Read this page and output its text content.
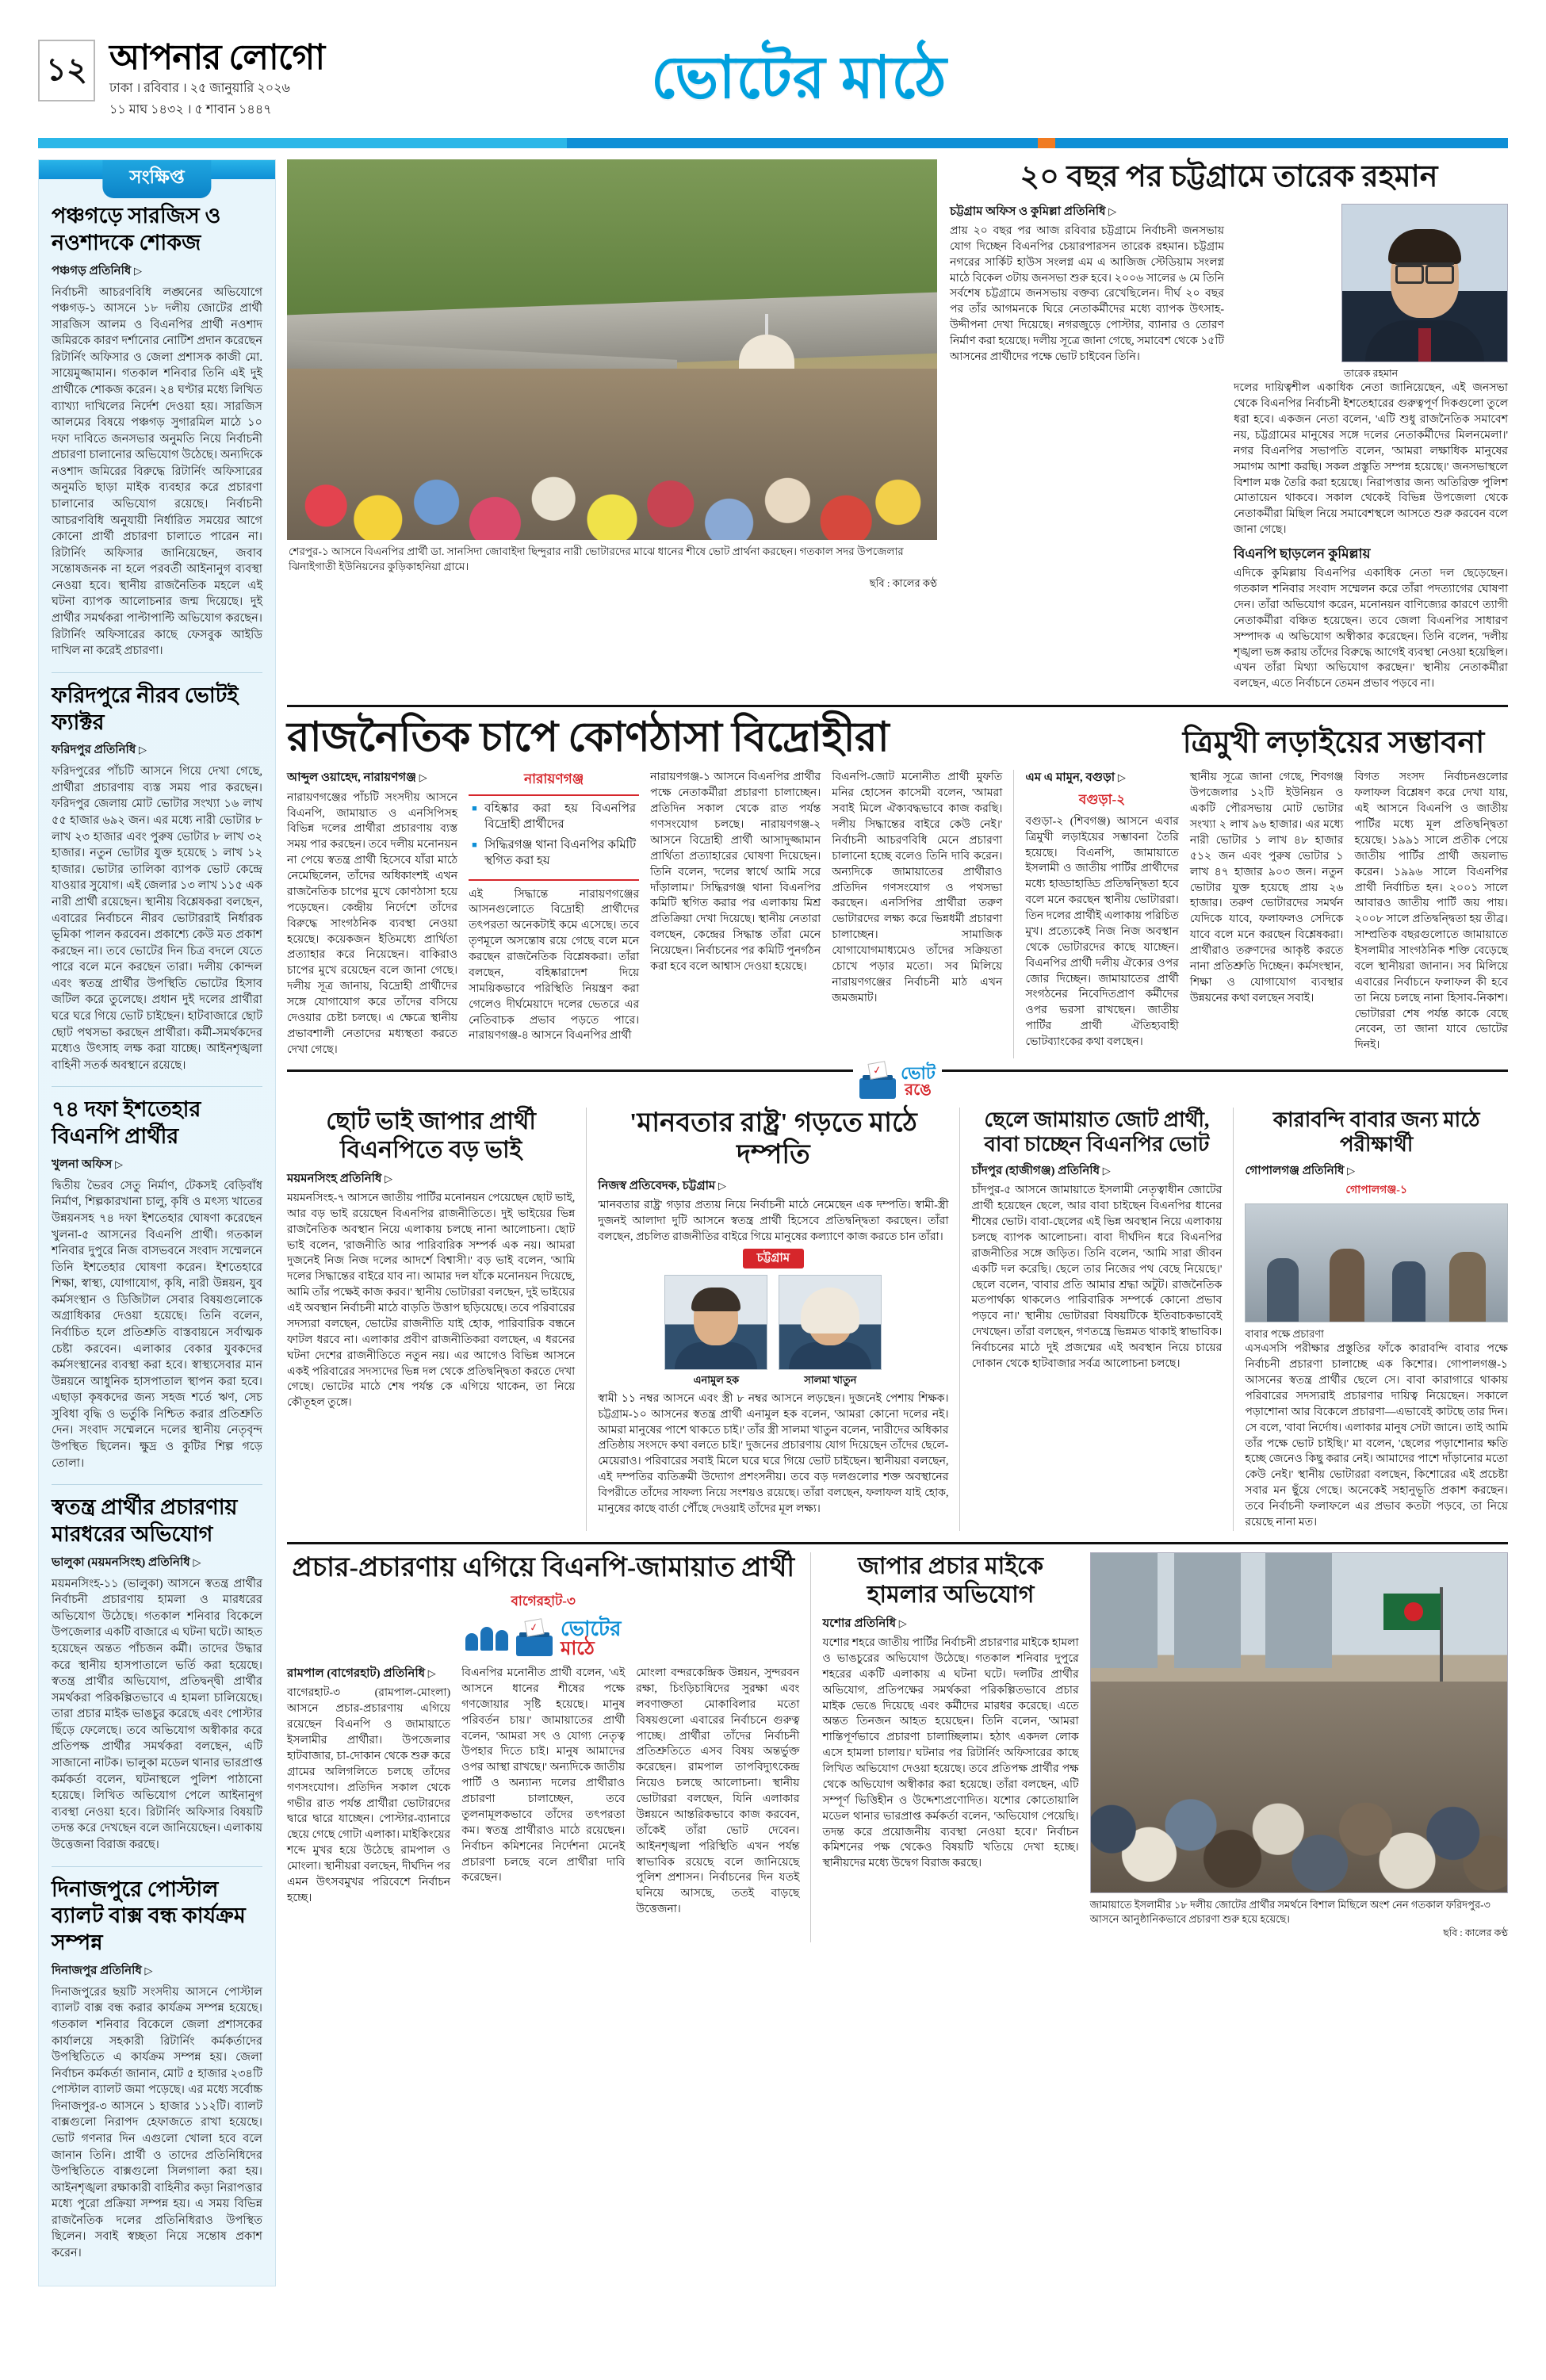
১২ আপনার লোগো
ঢাকা । রবিবার । ২৫ জানুয়ারি ২০২৬
১১ মাঘ ১৪৩২ । ৫ শাবান ১৪৪৭	ভোটের মাঠে
সংক্ষিপ্ত
পঞ্চগড়ে সারজিস ও নওশাদকে শোকজ
পঞ্চগড় প্রতিনিধি ▷
নির্বাচনী আচরণবিধি লঙ্ঘনের অভিযোগে পঞ্চগড়-১ আসনে ১৮ দলীয় জোটের প্রার্থী সারজিস আলম ও বিএনপির প্রার্থী নওশাদ জমিরকে কারণ দর্শানোর নোটিশ প্রদান করেছেন রিটার্নিং অফিসার ও জেলা প্রশাসক কাজী মো. সায়েমুজ্জামান। গতকাল শনিবার তিনি এই দুই প্রার্থীকে শোকজ করেন। ২৪ ঘণ্টার মধ্যে লিখিত ব্যাখ্যা দাখিলের নির্দেশ দেওয়া হয়। সারজিস আলমের বিষয়ে পঞ্চগড় সুগারমিল মাঠে ১০ দফা দাবিতে জনসভার অনুমতি নিয়ে নির্বাচনী প্রচারণা চালানোর অভিযোগ উঠেছে। অন্যদিকে নওশাদ জমিরের বিরুদ্ধে রিটার্নিং অফিসারের অনুমতি ছাড়া মাইক ব্যবহার করে প্রচারণা চালানোর অভিযোগ রয়েছে। নির্বাচনী আচরণবিধি অনুযায়ী নির্ধারিত সময়ের আগে কোনো প্রার্থী প্রচারণা চালাতে পারেন না। রিটার্নিং অফিসার জানিয়েছেন, জবাব সন্তোষজনক না হলে পরবর্তী আইনানুগ ব্যবস্থা নেওয়া হবে। স্থানীয় রাজনৈতিক মহলে এই ঘটনা ব্যাপক আলোচনার জন্ম দিয়েছে। দুই প্রার্থীর সমর্থকরা পাল্টাপাল্টি অভিযোগ করছেন। রিটার্নিং অফিসারের কাছে ফেসবুক আইডি দাখিল না করেই প্রচারণা।
ফরিদপুরে নীরব ভোটই ফ্যাক্টর
ফরিদপুর প্রতিনিধি ▷
ফরিদপুরের পাঁচটি আসনে গিয়ে দেখা গেছে, প্রার্থীরা প্রচারণায় ব্যস্ত সময় পার করছেন। ফরিদপুর জেলায় মোট ভোটার সংখ্যা ১৬ লাখ ৫৫ হাজার ৬৯২ জন। এর মধ্যে নারী ভোটার ৮ লাখ ২৩ হাজার এবং পুরুষ ভোটার ৮ লাখ ৩২ হাজার। নতুন ভোটার যুক্ত হয়েছে ১ লাখ ১২ হাজার। ভোটার তালিকা ব্যাপক ভোট কেন্দ্রে যাওয়ার সুযোগ। এই জেলার ১৩ লাখ ১১৫ এক নারী প্রার্থী রয়েছেন। স্থানীয় বিশ্লেষকরা বলছেন, এবারের নির্বাচনে নীরব ভোটাররাই নির্ধারক ভূমিকা পালন করবেন। প্রকাশ্যে কেউ মত প্রকাশ করছেন না। তবে ভোটের দিন চিত্র বদলে যেতে পারে বলে মনে করছেন তারা। দলীয় কোন্দল এবং স্বতন্ত্র প্রার্থীর উপস্থিতি ভোটের হিসাব জটিল করে তুলেছে। প্রধান দুই দলের প্রার্থীরা ঘরে ঘরে গিয়ে ভোট চাইছেন। হাটবাজারে ছোট ছোট পথসভা করছেন প্রার্থীরা। কর্মী-সমর্থকদের মধ্যেও উৎসাহ লক্ষ করা যাচ্ছে। আইনশৃঙ্খলা বাহিনী সতর্ক অবস্থানে রয়েছে।
৭৪ দফা ইশতেহার বিএনপি প্রার্থীর
খুলনা অফিস ▷
দ্বিতীয় ভৈরব সেতু নির্মাণ, টেকসই বেড়িবাঁধ নির্মাণ, শিল্পকারখানা চালু, কৃষি ও মৎস্য খাতের উন্নয়নসহ ৭৪ দফা ইশতেহার ঘোষণা করেছেন খুলনা-৫ আসনের বিএনপি প্রার্থী। গতকাল শনিবার দুপুরে নিজ বাসভবনে সংবাদ সম্মেলনে তিনি ইশতেহার ঘোষণা করেন। ইশতেহারে শিক্ষা, স্বাস্থ্য, যোগাযোগ, কৃষি, নারী উন্নয়ন, যুব কর্মসংস্থান ও ডিজিটাল সেবার বিষয়গুলোকে অগ্রাধিকার দেওয়া হয়েছে। তিনি বলেন, নির্বাচিত হলে প্রতিশ্রুতি বাস্তবায়নে সর্বাত্মক চেষ্টা করবেন। এলাকার বেকার যুবকদের কর্মসংস্থানের ব্যবস্থা করা হবে। স্বাস্থ্যসেবার মান উন্নয়নে আধুনিক হাসপাতাল স্থাপন করা হবে। এছাড়া কৃষকদের জন্য সহজ শর্তে ঋণ, সেচ সুবিধা বৃদ্ধি ও ভর্তুকি নিশ্চিত করার প্রতিশ্রুতি দেন। সংবাদ সম্মেলনে দলের স্থানীয় নেতৃবৃন্দ উপস্থিত ছিলেন। ক্ষুদ্র ও কুটির শিল্প গড়ে তোলা।
স্বতন্ত্র প্রার্থীর প্রচারণায় মারধরের অভিযোগ
ভালুকা (ময়মনসিংহ) প্রতিনিধি ▷
ময়মনসিংহ-১১ (ভালুকা) আসনে স্বতন্ত্র প্রার্থীর নির্বাচনী প্রচারণায় হামলা ও মারধরের অভিযোগ উঠেছে। গতকাল শনিবার বিকেলে উপজেলার একটি বাজারে এ ঘটনা ঘটে। আহত হয়েছেন অন্তত পাঁচজন কর্মী। তাদের উদ্ধার করে স্থানীয় হাসপাতালে ভর্তি করা হয়েছে। স্বতন্ত্র প্রার্থীর অভিযোগ, প্রতিদ্বন্দ্বী প্রার্থীর সমর্থকরা পরিকল্পিতভাবে এ হামলা চালিয়েছে। তারা প্রচার মাইক ভাঙচুর করেছে এবং পোস্টার ছিঁড়ে ফেলেছে। তবে অভিযোগ অস্বীকার করে প্রতিপক্ষ প্রার্থীর সমর্থকরা বলছেন, এটি সাজানো নাটক। ভালুকা মডেল থানার ভারপ্রাপ্ত কর্মকর্তা বলেন, ঘটনাস্থলে পুলিশ পাঠানো হয়েছে। লিখিত অভিযোগ পেলে আইনানুগ ব্যবস্থা নেওয়া হবে। রিটার্নিং অফিসার বিষয়টি তদন্ত করে দেখছেন বলে জানিয়েছেন। এলাকায় উত্তেজনা বিরাজ করছে।
দিনাজপুরে পোস্টাল ব্যালট বাক্স বন্ধ কার্যক্রম সম্পন্ন
দিনাজপুর প্রতিনিধি ▷
দিনাজপুরের ছয়টি সংসদীয় আসনে পোস্টাল ব্যালট বাক্স বন্ধ করার কার্যক্রম সম্পন্ন হয়েছে। গতকাল শনিবার বিকেলে জেলা প্রশাসকের কার্যালয়ে সহকারী রিটার্নিং কর্মকর্তাদের উপস্থিতিতে এ কার্যক্রম সম্পন্ন হয়। জেলা নির্বাচন কর্মকর্তা জানান, মোট ৫ হাজার ২৩৪টি পোস্টাল ব্যালট জমা পড়েছে। এর মধ্যে সর্বোচ্চ দিনাজপুর-৩ আসনে ১ হাজার ১১২টি। ব্যালট বাক্সগুলো নিরাপদ হেফাজতে রাখা হয়েছে। ভোট গণনার দিন এগুলো খোলা হবে বলে জানান তিনি। প্রার্থী ও তাদের প্রতিনিধিদের উপস্থিতিতে বাক্সগুলো সিলগালা করা হয়। আইনশৃঙ্খলা রক্ষাকারী বাহিনীর কড়া নিরাপত্তার মধ্যে পুরো প্রক্রিয়া সম্পন্ন হয়। এ সময় বিভিন্ন রাজনৈতিক দলের প্রতিনিধিরাও উপস্থিত ছিলেন। সবাই স্বচ্ছতা নিয়ে সন্তোষ প্রকাশ করেন।
শেরপুর-১ আসনে বিএনপির প্রার্থী ডা. সানসিদা জোবাইদা ছিন্দুরার নারী ভোটারদের মাঝে ধানের শীষে ভোট প্রার্থনা করছেন। গতকাল সদর উপজেলার ঝিনাইগাতী ইউনিয়নের কুড়িকাহনিয়া গ্রামে।
ছবি : কালের কণ্ঠ
২০ বছর পর চট্টগ্রামে তারেক রহমান
চট্টগ্রাম অফিস ও কুমিল্লা প্রতিনিধি ▷
প্রায় ২০ বছর পর আজ রবিবার চট্টগ্রামে নির্বাচনী জনসভায় যোগ দিচ্ছেন বিএনপির চেয়ারপারসন তারেক রহমান। চট্টগ্রাম নগরের সার্কিট হাউস সংলগ্ন এম এ আজিজ স্টেডিয়াম সংলগ্ন মাঠে বিকেল ৩টায় জনসভা শুরু হবে। ২০০৬ সালের ৬ মে তিনি সর্বশেষ চট্টগ্রামে জনসভায় বক্তব্য রেখেছিলেন। দীর্ঘ ২০ বছর পর তাঁর আগমনকে ঘিরে নেতাকর্মীদের মধ্যে ব্যাপক উৎসাহ-উদ্দীপনা দেখা দিয়েছে। নগরজুড়ে পোস্টার, ব্যানার ও তোরণ নির্মাণ করা হয়েছে। দলীয় সূত্রে জানা গেছে, সমাবেশ থেকে ১৫টি আসনের প্রার্থীদের পক্ষে ভোট চাইবেন তিনি।
তারেক রহমান
দলের দায়িত্বশীল একাধিক নেতা জানিয়েছেন, এই জনসভা থেকে বিএনপির নির্বাচনী ইশতেহারের গুরুত্বপূর্ণ দিকগুলো তুলে ধরা হবে। একজন নেতা বলেন, 'এটি শুধু রাজনৈতিক সমাবেশ নয়, চট্টগ্রামের মানুষের সঙ্গে দলের নেতাকর্মীদের মিলনমেলা।' নগর বিএনপির সভাপতি বলেন, 'আমরা লক্ষাধিক মানুষের সমাগম আশা করছি। সকল প্রস্তুতি সম্পন্ন হয়েছে।' জনসভাস্থলে বিশাল মঞ্চ তৈরি করা হয়েছে। নিরাপত্তার জন্য অতিরিক্ত পুলিশ মোতায়েন থাকবে। সকাল থেকেই বিভিন্ন উপজেলা থেকে নেতাকর্মীরা মিছিল নিয়ে সমাবেশস্থলে আসতে শুরু করবেন বলে জানা গেছে।
বিএনপি ছাড়লেন কুমিল্লায়
এদিকে কুমিল্লায় বিএনপির একাধিক নেতা দল ছেড়েছেন। গতকাল শনিবার সংবাদ সম্মেলন করে তাঁরা পদত্যাগের ঘোষণা দেন। তাঁরা অভিযোগ করেন, মনোনয়ন বাণিজ্যের কারণে ত্যাগী নেতাকর্মীরা বঞ্চিত হয়েছেন। তবে জেলা বিএনপির সাধারণ সম্পাদক এ অভিযোগ অস্বীকার করেছেন। তিনি বলেন, 'দলীয় শৃঙ্খলা ভঙ্গ করায় তাঁদের বিরুদ্ধে আগেই ব্যবস্থা নেওয়া হয়েছিল। এখন তাঁরা মিথ্যা অভিযোগ করছেন।' স্থানীয় নেতাকর্মীরা বলছেন, এতে নির্বাচনে তেমন প্রভাব পড়বে না।
রাজনৈতিক চাপে কোণঠাসা বিদ্রোহীরা	ত্রিমুখী লড়াইয়ের সম্ভাবনা
আব্দুল ওয়াহেদ, নারায়ণগঞ্জ ▷
নারায়ণগঞ্জের পাঁচটি সংসদীয় আসনে বিএনপি, জামায়াত ও এনসিপিসহ বিভিন্ন দলের প্রার্থীরা প্রচারণায় ব্যস্ত সময় পার করছেন। তবে দলীয় মনোনয়ন না পেয়ে স্বতন্ত্র প্রার্থী হিসেবে যাঁরা মাঠে নেমেছিলেন, তাঁদের অধিকাংশই এখন রাজনৈতিক চাপের মুখে কোণঠাসা হয়ে পড়েছেন। কেন্দ্রীয় নির্দেশে তাঁদের বিরুদ্ধে সাংগঠনিক ব্যবস্থা নেওয়া হয়েছে। কয়েকজন ইতিমধ্যে প্রার্থিতা প্রত্যাহার করে নিয়েছেন। বাকিরাও চাপের মুখে রয়েছেন বলে জানা গেছে। দলীয় সূত্র জানায়, বিদ্রোহী প্রার্থীদের সঙ্গে যোগাযোগ করে তাঁদের বসিয়ে দেওয়ার চেষ্টা চলছে। এ ক্ষেত্রে স্থানীয় প্রভাবশালী নেতাদের মধ্যস্থতা করতে দেখা গেছে।
নারায়ণগঞ্জ
■ বহিষ্কার করা হয় বিএনপির বিদ্রোহী প্রার্থীদের
■ সিদ্ধিরগঞ্জ থানা বিএনপির কমিটি স্থগিত করা হয়
এই সিদ্ধান্তে নারায়ণগঞ্জের আসনগুলোতে বিদ্রোহী প্রার্থীদের তৎপরতা অনেকটাই কমে এসেছে। তবে তৃণমূলে অসন্তোষ রয়ে গেছে বলে মনে করছেন রাজনৈতিক বিশ্লেষকরা। তাঁরা বলছেন, বহিষ্কারাদেশ দিয়ে সাময়িকভাবে পরিস্থিতি নিয়ন্ত্রণ করা গেলেও দীর্ঘমেয়াদে দলের ভেতরে এর নেতিবাচক প্রভাব পড়তে পারে। নারায়ণগঞ্জ-৪ আসনে বিএনপির প্রার্থী
নারায়ণগঞ্জ-১ আসনে বিএনপির প্রার্থীর পক্ষে নেতাকর্মীরা প্রচারণা চালাচ্ছেন। প্রতিদিন সকাল থেকে রাত পর্যন্ত গণসংযোগ চলছে। নারায়ণগঞ্জ-২ আসনে বিদ্রোহী প্রার্থী আসাদুজ্জামান প্রার্থিতা প্রত্যাহারের ঘোষণা দিয়েছেন। তিনি বলেন, 'দলের স্বার্থে আমি সরে দাঁড়ালাম।' সিদ্ধিরগঞ্জ থানা বিএনপির কমিটি স্থগিত করার পর এলাকায় মিশ্র প্রতিক্রিয়া দেখা দিয়েছে। স্থানীয় নেতারা বলছেন, কেন্দ্রের সিদ্ধান্ত তাঁরা মেনে নিয়েছেন। নির্বাচনের পর কমিটি পুনর্গঠন করা হবে বলে আশ্বাস দেওয়া হয়েছে।
বিএনপি-জোট মনোনীত প্রার্থী মুফতি মনির হোসেন কাসেমী বলেন, 'আমরা সবাই মিলে ঐক্যবদ্ধভাবে কাজ করছি। দলীয় সিদ্ধান্তের বাইরে কেউ নেই।' নির্বাচনী আচরণবিধি মেনে প্রচারণা চালানো হচ্ছে বলেও তিনি দাবি করেন। অন্যদিকে জামায়াতের প্রার্থীরাও প্রতিদিন গণসংযোগ ও পথসভা করছেন। এনসিপির প্রার্থীরা তরুণ ভোটারদের লক্ষ্য করে ভিন্নধর্মী প্রচারণা চালাচ্ছেন। সামাজিক যোগাযোগমাধ্যমেও তাঁদের সক্রিয়তা চোখে পড়ার মতো। সব মিলিয়ে নারায়ণগঞ্জের নির্বাচনী মাঠ এখন জমজমাট।
এম এ মামুন, বগুড়া ▷
বগুড়া-২
বগুড়া-২ (শিবগঞ্জ) আসনে এবার ত্রিমুখী লড়াইয়ের সম্ভাবনা তৈরি হয়েছে। বিএনপি, জামায়াতে ইসলামী ও জাতীয় পার্টির প্রার্থীদের মধ্যে হাড্ডাহাড্ডি প্রতিদ্বন্দ্বিতা হবে বলে মনে করছেন স্থানীয় ভোটাররা। তিন দলের প্রার্থীই এলাকায় পরিচিত মুখ। প্রত্যেকেই নিজ নিজ অবস্থান থেকে ভোটারদের কাছে যাচ্ছেন। বিএনপির প্রার্থী দলীয় ঐক্যের ওপর জোর দিচ্ছেন। জামায়াতের প্রার্থী সংগঠনের নিবেদিতপ্রাণ কর্মীদের ওপর ভরসা রাখছেন। জাতীয় পার্টির প্রার্থী ঐতিহ্যবাহী ভোটব্যাংকের কথা বলছেন।
স্থানীয় সূত্রে জানা গেছে, শিবগঞ্জ উপজেলার ১২টি ইউনিয়ন ও একটি পৌরসভায় মোট ভোটার সংখ্যা ২ লাখ ৯৬ হাজার। এর মধ্যে নারী ভোটার ১ লাখ ৪৮ হাজার ৫১২ জন এবং পুরুষ ভোটার ১ লাখ ৪৭ হাজার ৯০৩ জন। নতুন ভোটার যুক্ত হয়েছে প্রায় ২৬ হাজার। তরুণ ভোটারদের সমর্থন যেদিকে যাবে, ফলাফলও সেদিকে যাবে বলে মনে করছেন বিশ্লেষকরা। প্রার্থীরাও তরুণদের আকৃষ্ট করতে নানা প্রতিশ্রুতি দিচ্ছেন। কর্মসংস্থান, শিক্ষা ও যোগাযোগ ব্যবস্থার উন্নয়নের কথা বলছেন সবাই।
বিগত সংসদ নির্বাচনগুলোর ফলাফল বিশ্লেষণ করে দেখা যায়, এই আসনে বিএনপি ও জাতীয় পার্টির মধ্যে মূল প্রতিদ্বন্দ্বিতা হয়েছে। ১৯৯১ সালে প্রতীক পেয়ে জাতীয় পার্টির প্রার্থী জয়লাভ করেন। ১৯৯৬ সালে বিএনপির প্রার্থী নির্বাচিত হন। ২০০১ সালে আবারও জাতীয় পার্টি জয় পায়। ২০০৮ সালে প্রতিদ্বন্দ্বিতা হয় তীব্র। সাম্প্রতিক বছরগুলোতে জামায়াতে ইসলামীর সাংগঠনিক শক্তি বেড়েছে বলে স্থানীয়রা জানান। সব মিলিয়ে এবারের নির্বাচনে ফলাফল কী হবে তা নিয়ে চলছে নানা হিসাব-নিকাশ। ভোটাররা শেষ পর্যন্ত কাকে বেছে নেবেন, তা জানা যাবে ভোটের দিনই।
✓
ভোট
রঙে
ছোট ভাই জাপার প্রার্থী বিএনপিতে বড় ভাই
ময়মনসিংহ প্রতিনিধি ▷
ময়মনসিংহ-৭ আসনে জাতীয় পার্টির মনোনয়ন পেয়েছেন ছোট ভাই, আর বড় ভাই রয়েছেন বিএনপির রাজনীতিতে। দুই ভাইয়ের ভিন্ন রাজনৈতিক অবস্থান নিয়ে এলাকায় চলছে নানা আলোচনা। ছোট ভাই বলেন, 'রাজনীতি আর পারিবারিক সম্পর্ক এক নয়। আমরা দুজনেই নিজ নিজ দলের আদর্শে বিশ্বাসী।' বড় ভাই বলেন, 'আমি দলের সিদ্ধান্তের বাইরে যাব না। আমার দল যাঁকে মনোনয়ন দিয়েছে, আমি তাঁর পক্ষেই কাজ করব।' স্থানীয় ভোটাররা বলছেন, দুই ভাইয়ের এই অবস্থান নির্বাচনী মাঠে বাড়তি উত্তাপ ছড়িয়েছে। তবে পরিবারের সদস্যরা বলছেন, ভোটের রাজনীতি যাই হোক, পারিবারিক বন্ধনে ফাটল ধরবে না। এলাকার প্রবীণ রাজনীতিকরা বলছেন, এ ধরনের ঘটনা দেশের রাজনীতিতে নতুন নয়। এর আগেও বিভিন্ন আসনে একই পরিবারের সদস্যদের ভিন্ন দল থেকে প্রতিদ্বন্দ্বিতা করতে দেখা গেছে। ভোটের মাঠে শেষ পর্যন্ত কে এগিয়ে থাকেন, তা নিয়ে কৌতূহল তুঙ্গে।
'মানবতার রাষ্ট্র' গড়তে মাঠে দম্পতি
নিজস্ব প্রতিবেদক, চট্টগ্রাম ▷
'মানবতার রাষ্ট্র' গড়ার প্রত্যয় নিয়ে নির্বাচনী মাঠে নেমেছেন এক দম্পতি। স্বামী-স্ত্রী দুজনই আলাদা দুটি আসনে স্বতন্ত্র প্রার্থী হিসেবে প্রতিদ্বন্দ্বিতা করছেন। তাঁরা বলছেন, প্রচলিত রাজনীতির বাইরে গিয়ে মানুষের কল্যাণে কাজ করতে চান তাঁরা।
চট্টগ্রাম
এনামুল হক	সালমা খাতুন
স্বামী ১১ নম্বর আসনে এবং স্ত্রী ৮ নম্বর আসনে লড়ছেন। দুজনেই পেশায় শিক্ষক। চট্টগ্রাম-১০ আসনের স্বতন্ত্র প্রার্থী এনামুল হক বলেন, 'আমরা কোনো দলের নই। আমরা মানুষের পাশে থাকতে চাই।' তাঁর স্ত্রী সালমা খাতুন বলেন, 'নারীদের অধিকার প্রতিষ্ঠায় সংসদে কথা বলতে চাই।' দুজনের প্রচারণায় যোগ দিয়েছেন তাঁদের ছেলে-মেয়েরাও। পরিবারের সবাই মিলে ঘরে ঘরে গিয়ে ভোট চাইছেন। স্থানীয়রা বলছেন, এই দম্পতির ব্যতিক্রমী উদ্যোগ প্রশংসনীয়। তবে বড় দলগুলোর শক্ত অবস্থানের বিপরীতে তাঁদের সাফল্য নিয়ে সংশয়ও রয়েছে। তাঁরা বলছেন, ফলাফল যাই হোক, মানুষের কাছে বার্তা পৌঁছে দেওয়াই তাঁদের মূল লক্ষ্য।
ছেলে জামায়াত জোট প্রার্থী, বাবা চাচ্ছেন বিএনপির ভোট
চাঁদপুর (হাজীগঞ্জ) প্রতিনিধি ▷
চাঁদপুর-৫ আসনে জামায়াতে ইসলামী নেতৃত্বাধীন জোটের প্রার্থী হয়েছেন ছেলে, আর বাবা চাইছেন বিএনপির ধানের শীষের ভোট। বাবা-ছেলের এই ভিন্ন অবস্থান নিয়ে এলাকায় চলছে ব্যাপক আলোচনা। বাবা দীর্ঘদিন ধরে বিএনপির রাজনীতির সঙ্গে জড়িত। তিনি বলেন, 'আমি সারা জীবন একটি দল করেছি। ছেলে তার নিজের পথ বেছে নিয়েছে।' ছেলে বলেন, 'বাবার প্রতি আমার শ্রদ্ধা অটুট। রাজনৈতিক মতপার্থক্য থাকলেও পারিবারিক সম্পর্কে কোনো প্রভাব পড়বে না।' স্থানীয় ভোটাররা বিষয়টিকে ইতিবাচকভাবেই দেখছেন। তাঁরা বলছেন, গণতন্ত্রে ভিন্নমত থাকাই স্বাভাবিক। নির্বাচনের মাঠে দুই প্রজন্মের এই অবস্থান নিয়ে চায়ের দোকান থেকে হাটবাজার সর্বত্র আলোচনা চলছে।
কারাবন্দি বাবার জন্য মাঠে পরীক্ষার্থী
গোপালগঞ্জ প্রতিনিধি ▷
গোপালগঞ্জ-১
বাবার পক্ষে প্রচারণা
এসএসসি পরীক্ষার প্রস্তুতির ফাঁকে কারাবন্দি বাবার পক্ষে নির্বাচনী প্রচারণা চালাচ্ছে এক কিশোর। গোপালগঞ্জ-১ আসনের স্বতন্ত্র প্রার্থীর ছেলে সে। বাবা কারাগারে থাকায় পরিবারের সদস্যরাই প্রচারণার দায়িত্ব নিয়েছেন। সকালে পড়াশোনা আর বিকেলে প্রচারণা—এভাবেই কাটছে তার দিন। সে বলে, 'বাবা নির্দোষ। এলাকার মানুষ সেটা জানে। তাই আমি তাঁর পক্ষে ভোট চাইছি।' মা বলেন, 'ছেলের পড়াশোনার ক্ষতি হচ্ছে জেনেও কিছু করার নেই। আমাদের পাশে দাঁড়ানোর মতো কেউ নেই।' স্থানীয় ভোটাররা বলছেন, কিশোরের এই প্রচেষ্টা সবার মন ছুঁয়ে গেছে। অনেকেই সহানুভূতি প্রকাশ করছেন। তবে নির্বাচনী ফলাফলে এর প্রভাব কতটা পড়বে, তা নিয়ে রয়েছে নানা মত।
প্রচার-প্রচারণায় এগিয়ে বিএনপি-জামায়াত প্রার্থী
বাগেরহাট-৩
✓
ভোটের
মাঠে
রামপাল (বাগেরহাট) প্রতিনিধি ▷
বাগেরহাট-৩ (রামপাল-মোংলা) আসনে প্রচার-প্রচারণায় এগিয়ে রয়েছেন বিএনপি ও জামায়াতে ইসলামীর প্রার্থীরা। উপজেলার হাটবাজার, চা-দোকান থেকে শুরু করে গ্রামের অলিগলিতে চলছে তাঁদের গণসংযোগ। প্রতিদিন সকাল থেকে গভীর রাত পর্যন্ত প্রার্থীরা ভোটারদের দ্বারে দ্বারে যাচ্ছেন। পোস্টার-ব্যানারে ছেয়ে গেছে গোটা এলাকা। মাইকিংয়ের শব্দে মুখর হয়ে উঠেছে রামপাল ও মোংলা। স্থানীয়রা বলছেন, দীর্ঘদিন পর এমন উৎসবমুখর পরিবেশে নির্বাচন হচ্ছে।
বিএনপির মনোনীত প্রার্থী বলেন, 'এই আসনে ধানের শীষের পক্ষে গণজোয়ার সৃষ্টি হয়েছে। মানুষ পরিবর্তন চায়।' জামায়াতের প্রার্থী বলেন, 'আমরা সৎ ও যোগ্য নেতৃত্ব উপহার দিতে চাই। মানুষ আমাদের ওপর আস্থা রাখছে।' অন্যদিকে জাতীয় পার্টি ও অন্যান্য দলের প্রার্থীরাও প্রচারণা চালাচ্ছেন, তবে তুলনামূলকভাবে তাঁদের তৎপরতা কম। স্বতন্ত্র প্রার্থীরাও মাঠে রয়েছেন। নির্বাচন কমিশনের নির্দেশনা মেনেই প্রচারণা চলছে বলে প্রার্থীরা দাবি করেছেন।
মোংলা বন্দরকেন্দ্রিক উন্নয়ন, সুন্দরবন রক্ষা, চিংড়িচাষিদের সুরক্ষা এবং লবণাক্ততা মোকাবিলার মতো বিষয়গুলো এবারের নির্বাচনে গুরুত্ব পাচ্ছে। প্রার্থীরা তাঁদের নির্বাচনী প্রতিশ্রুতিতে এসব বিষয় অন্তর্ভুক্ত করেছেন। রামপাল তাপবিদ্যুৎকেন্দ্র নিয়েও চলছে আলোচনা। স্থানীয় ভোটাররা বলছেন, যিনি এলাকার উন্নয়নে আন্তরিকভাবে কাজ করবেন, তাঁকেই তাঁরা ভোট দেবেন। আইনশৃঙ্খলা পরিস্থিতি এখন পর্যন্ত স্বাভাবিক রয়েছে বলে জানিয়েছে পুলিশ প্রশাসন। নির্বাচনের দিন যতই ঘনিয়ে আসছে, ততই বাড়ছে উত্তেজনা।
জাপার প্রচার মাইকে হামলার অভিযোগ
যশোর প্রতিনিধি ▷
যশোর শহরে জাতীয় পার্টির নির্বাচনী প্রচারণার মাইকে হামলা ও ভাঙচুরের অভিযোগ উঠেছে। গতকাল শনিবার দুপুরে শহরের একটি এলাকায় এ ঘটনা ঘটে। দলটির প্রার্থীর অভিযোগ, প্রতিপক্ষের সমর্থকরা পরিকল্পিতভাবে প্রচার মাইক ভেঙে দিয়েছে এবং কর্মীদের মারধর করেছে। এতে অন্তত তিনজন আহত হয়েছেন। তিনি বলেন, 'আমরা শান্তিপূর্ণভাবে প্রচারণা চালাচ্ছিলাম। হঠাৎ একদল লোক এসে হামলা চালায়।' ঘটনার পর রিটার্নিং অফিসারের কাছে লিখিত অভিযোগ দেওয়া হয়েছে। তবে প্রতিপক্ষ প্রার্থীর পক্ষ থেকে অভিযোগ অস্বীকার করা হয়েছে। তাঁরা বলছেন, এটি সম্পূর্ণ ভিত্তিহীন ও উদ্দেশ্যপ্রণোদিত। যশোর কোতোয়ালি মডেল থানার ভারপ্রাপ্ত কর্মকর্তা বলেন, 'অভিযোগ পেয়েছি। তদন্ত করে প্রয়োজনীয় ব্যবস্থা নেওয়া হবে।' নির্বাচন কমিশনের পক্ষ থেকেও বিষয়টি খতিয়ে দেখা হচ্ছে। স্থানীয়দের মধ্যে উদ্বেগ বিরাজ করছে।
জামায়াতে ইসলামীর ১৮ দলীয় জোটের প্রার্থীর সমর্থনে বিশাল মিছিলে অংশ নেন গতকাল ফরিদপুর-৩ আসনে আনুষ্ঠানিকভাবে প্রচারণা শুরু হয়ে হয়েছে।
ছবি : কালের কণ্ঠ
